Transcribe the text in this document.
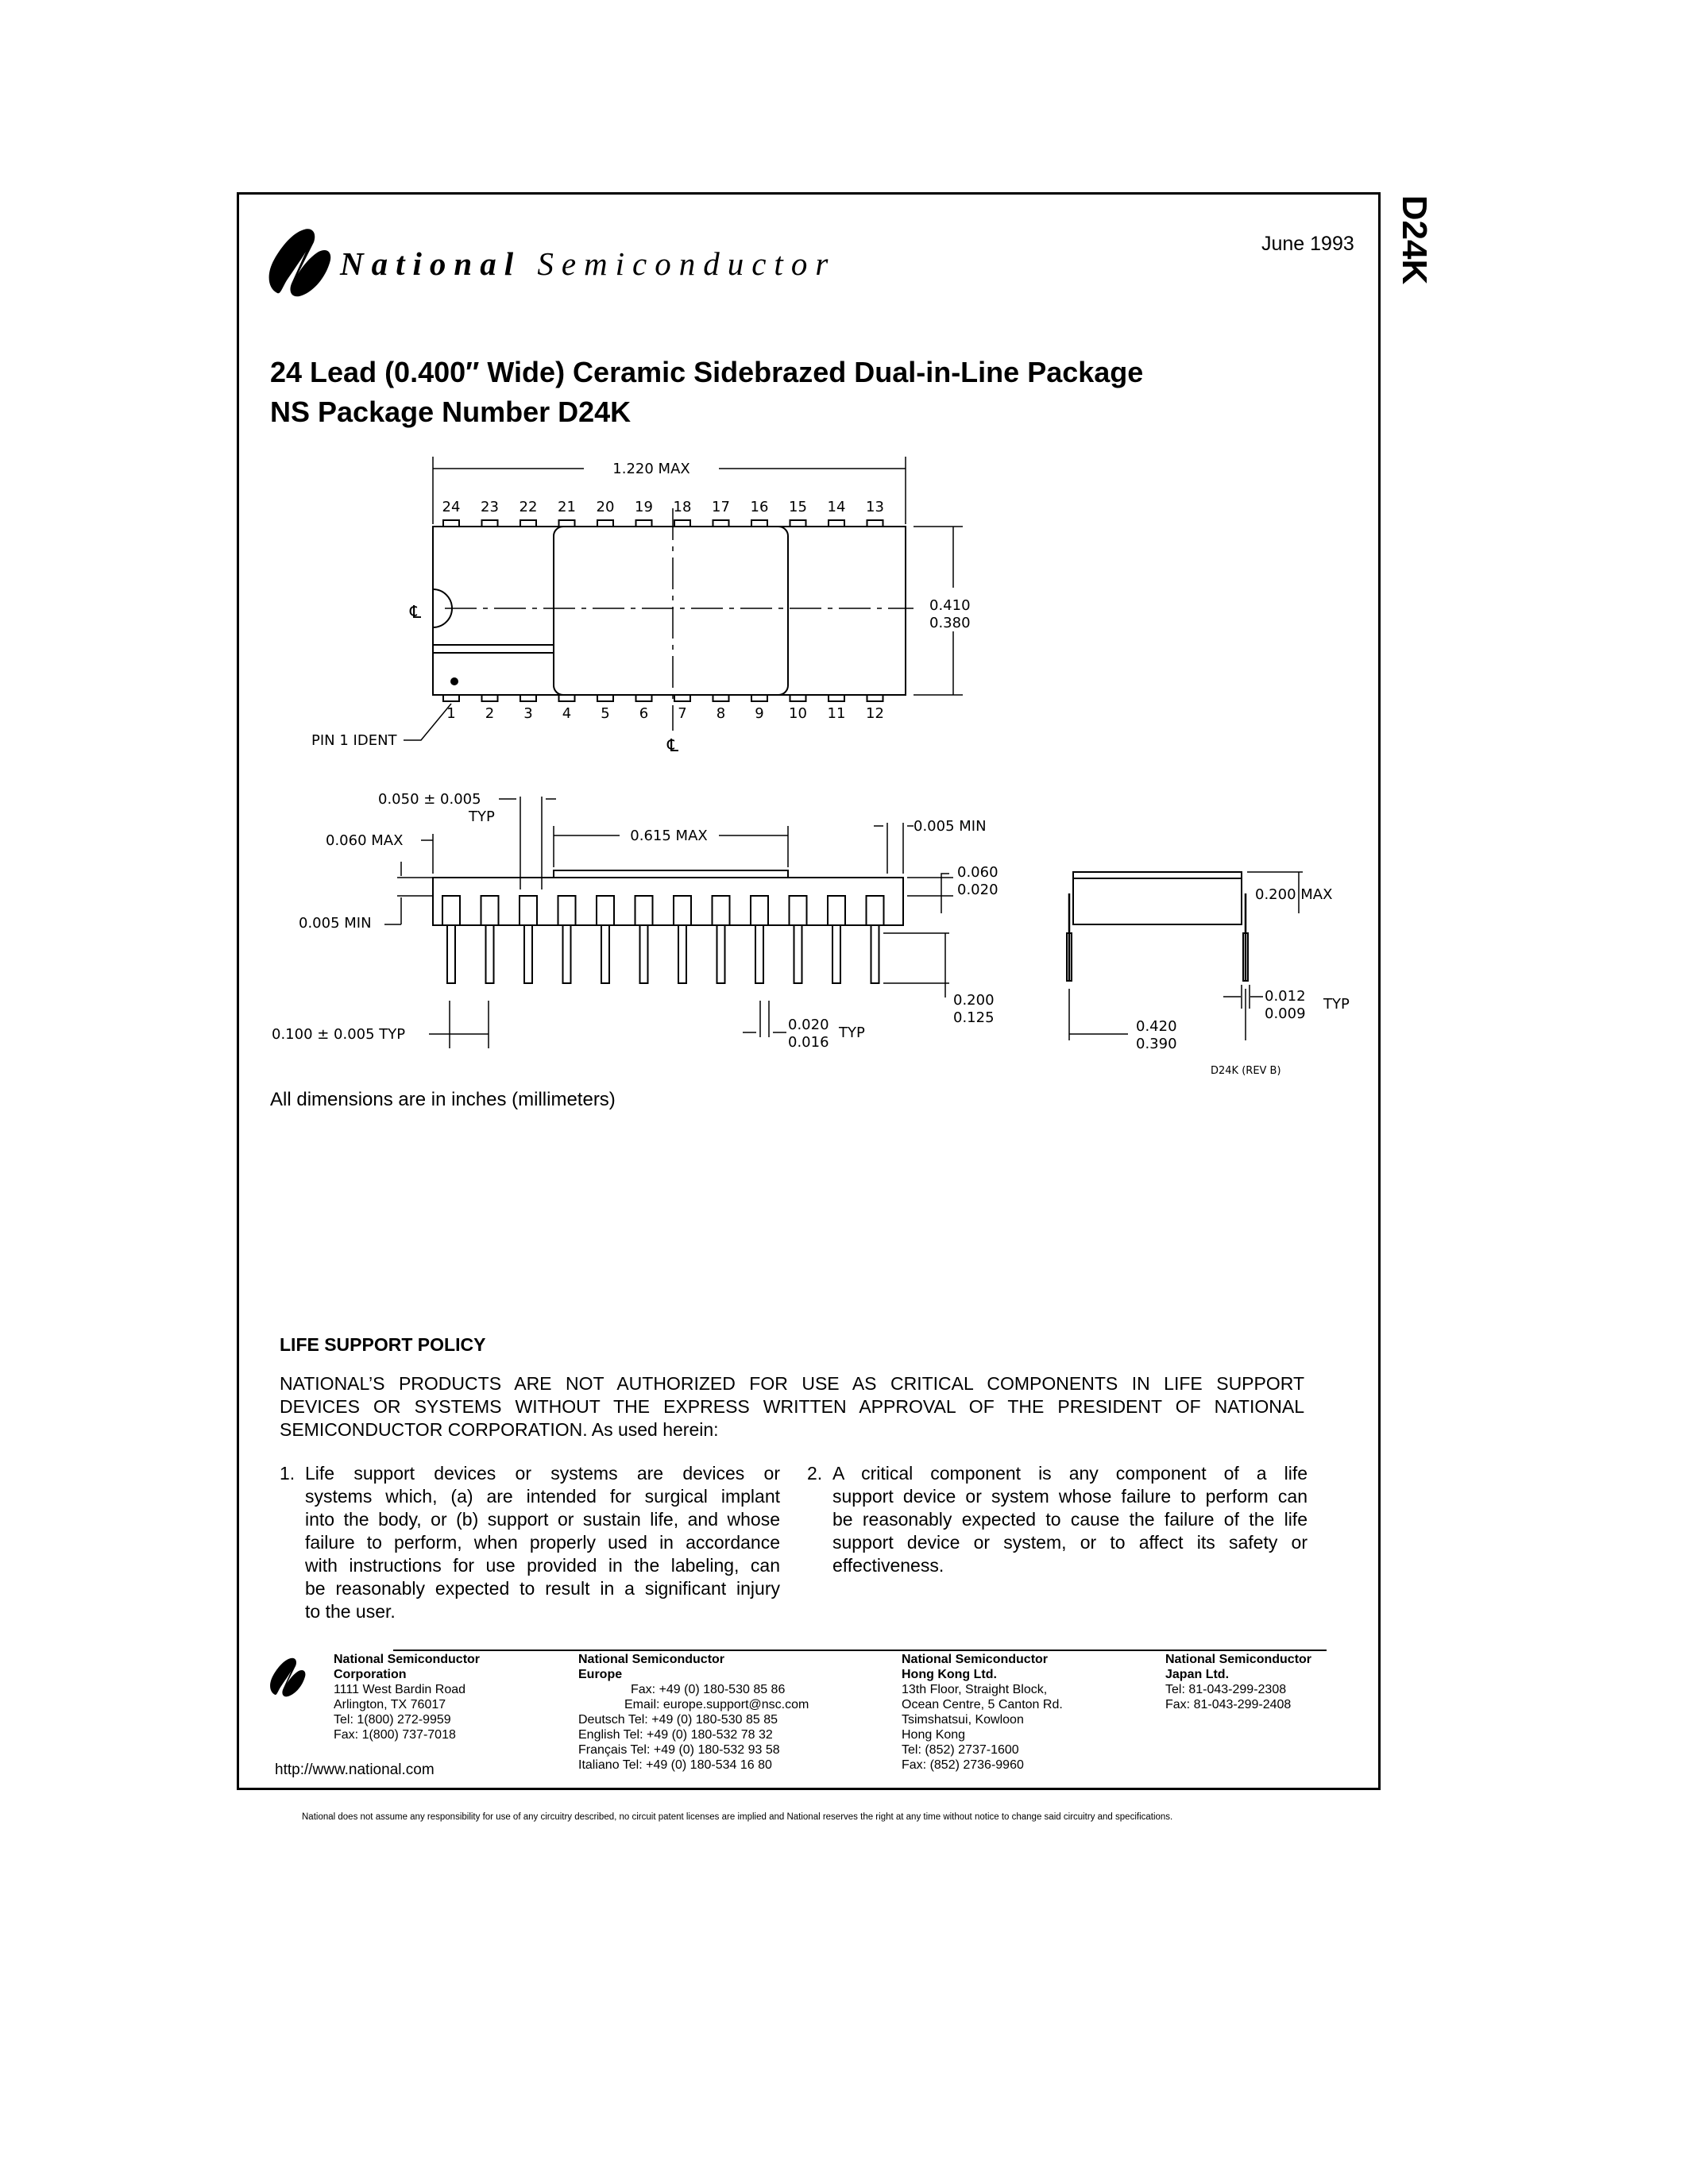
D24K
National Semiconductor
June 1993
24 Lead (0.400″ Wide) Ceramic Sidebrazed Dual-in-Line Package
NS Package Number D24K
24 23 22 21 20 19 18 17 16 15 14 13
1 2 3 4 5 6 7 8 9 10 11 12
1.220 MAX
0.410
0.380
℄
℄
PIN 1 IDENT
0.050 ± 0.005
TYP
0.615 MAX
0.005 MIN
0.060 MAX
0.005 MIN
0.100 ± 0.005 TYP
0.060
0.020
0.200
0.125
0.020
0.016
TYP
0.200 MAX
0.012
0.009
TYP
0.420
0.390
D24K (REV B)
All dimensions are in inches (millimeters)
LIFE SUPPORT POLICY
NATIONAL’S PRODUCTS ARE NOT AUTHORIZED FOR USE AS CRITICAL COMPONENTS IN LIFE SUPPORT
DEVICES OR SYSTEMS WITHOUT THE EXPRESS WRITTEN APPROVAL OF THE PRESIDENT OF NATIONAL
SEMICONDUCTOR CORPORATION. As used herein:
1. Life support devices or systems are devices or
systems which, (a) are intended for surgical implant
into the body, or (b) support or sustain life, and whose
failure to perform, when properly used in accordance
with instructions for use provided in the labeling, can
be reasonably expected to result in a significant injury
to the user.
2. A critical component is any component of a life
support device or system whose failure to perform can
be reasonably expected to cause the failure of the life
support device or system, or to affect its safety or
effectiveness.
National Semiconductor
Corporation
1111 West Bardin Road
Arlington, TX 76017
Tel: 1(800) 272-9959
Fax: 1(800) 737-7018
National Semiconductor
Europe
Fax: +49 (0) 180-530 85 86
Email: europe.support@nsc.com
Deutsch Tel: +49 (0) 180-530 85 85
English Tel: +49 (0) 180-532 78 32
Français Tel: +49 (0) 180-532 93 58
Italiano Tel: +49 (0) 180-534 16 80
National Semiconductor
Hong Kong Ltd.
13th Floor, Straight Block,
Ocean Centre, 5 Canton Rd.
Tsimshatsui, Kowloon
Hong Kong
Tel: (852) 2737-1600
Fax: (852) 2736-9960
National Semiconductor
Japan Ltd.
Tel: 81-043-299-2308
Fax: 81-043-299-2408
http://www.national.com
National does not assume any responsibility for use of any circuitry described, no circuit patent licenses are implied and National reserves the right at any time without notice to change said circuitry and specifications.
